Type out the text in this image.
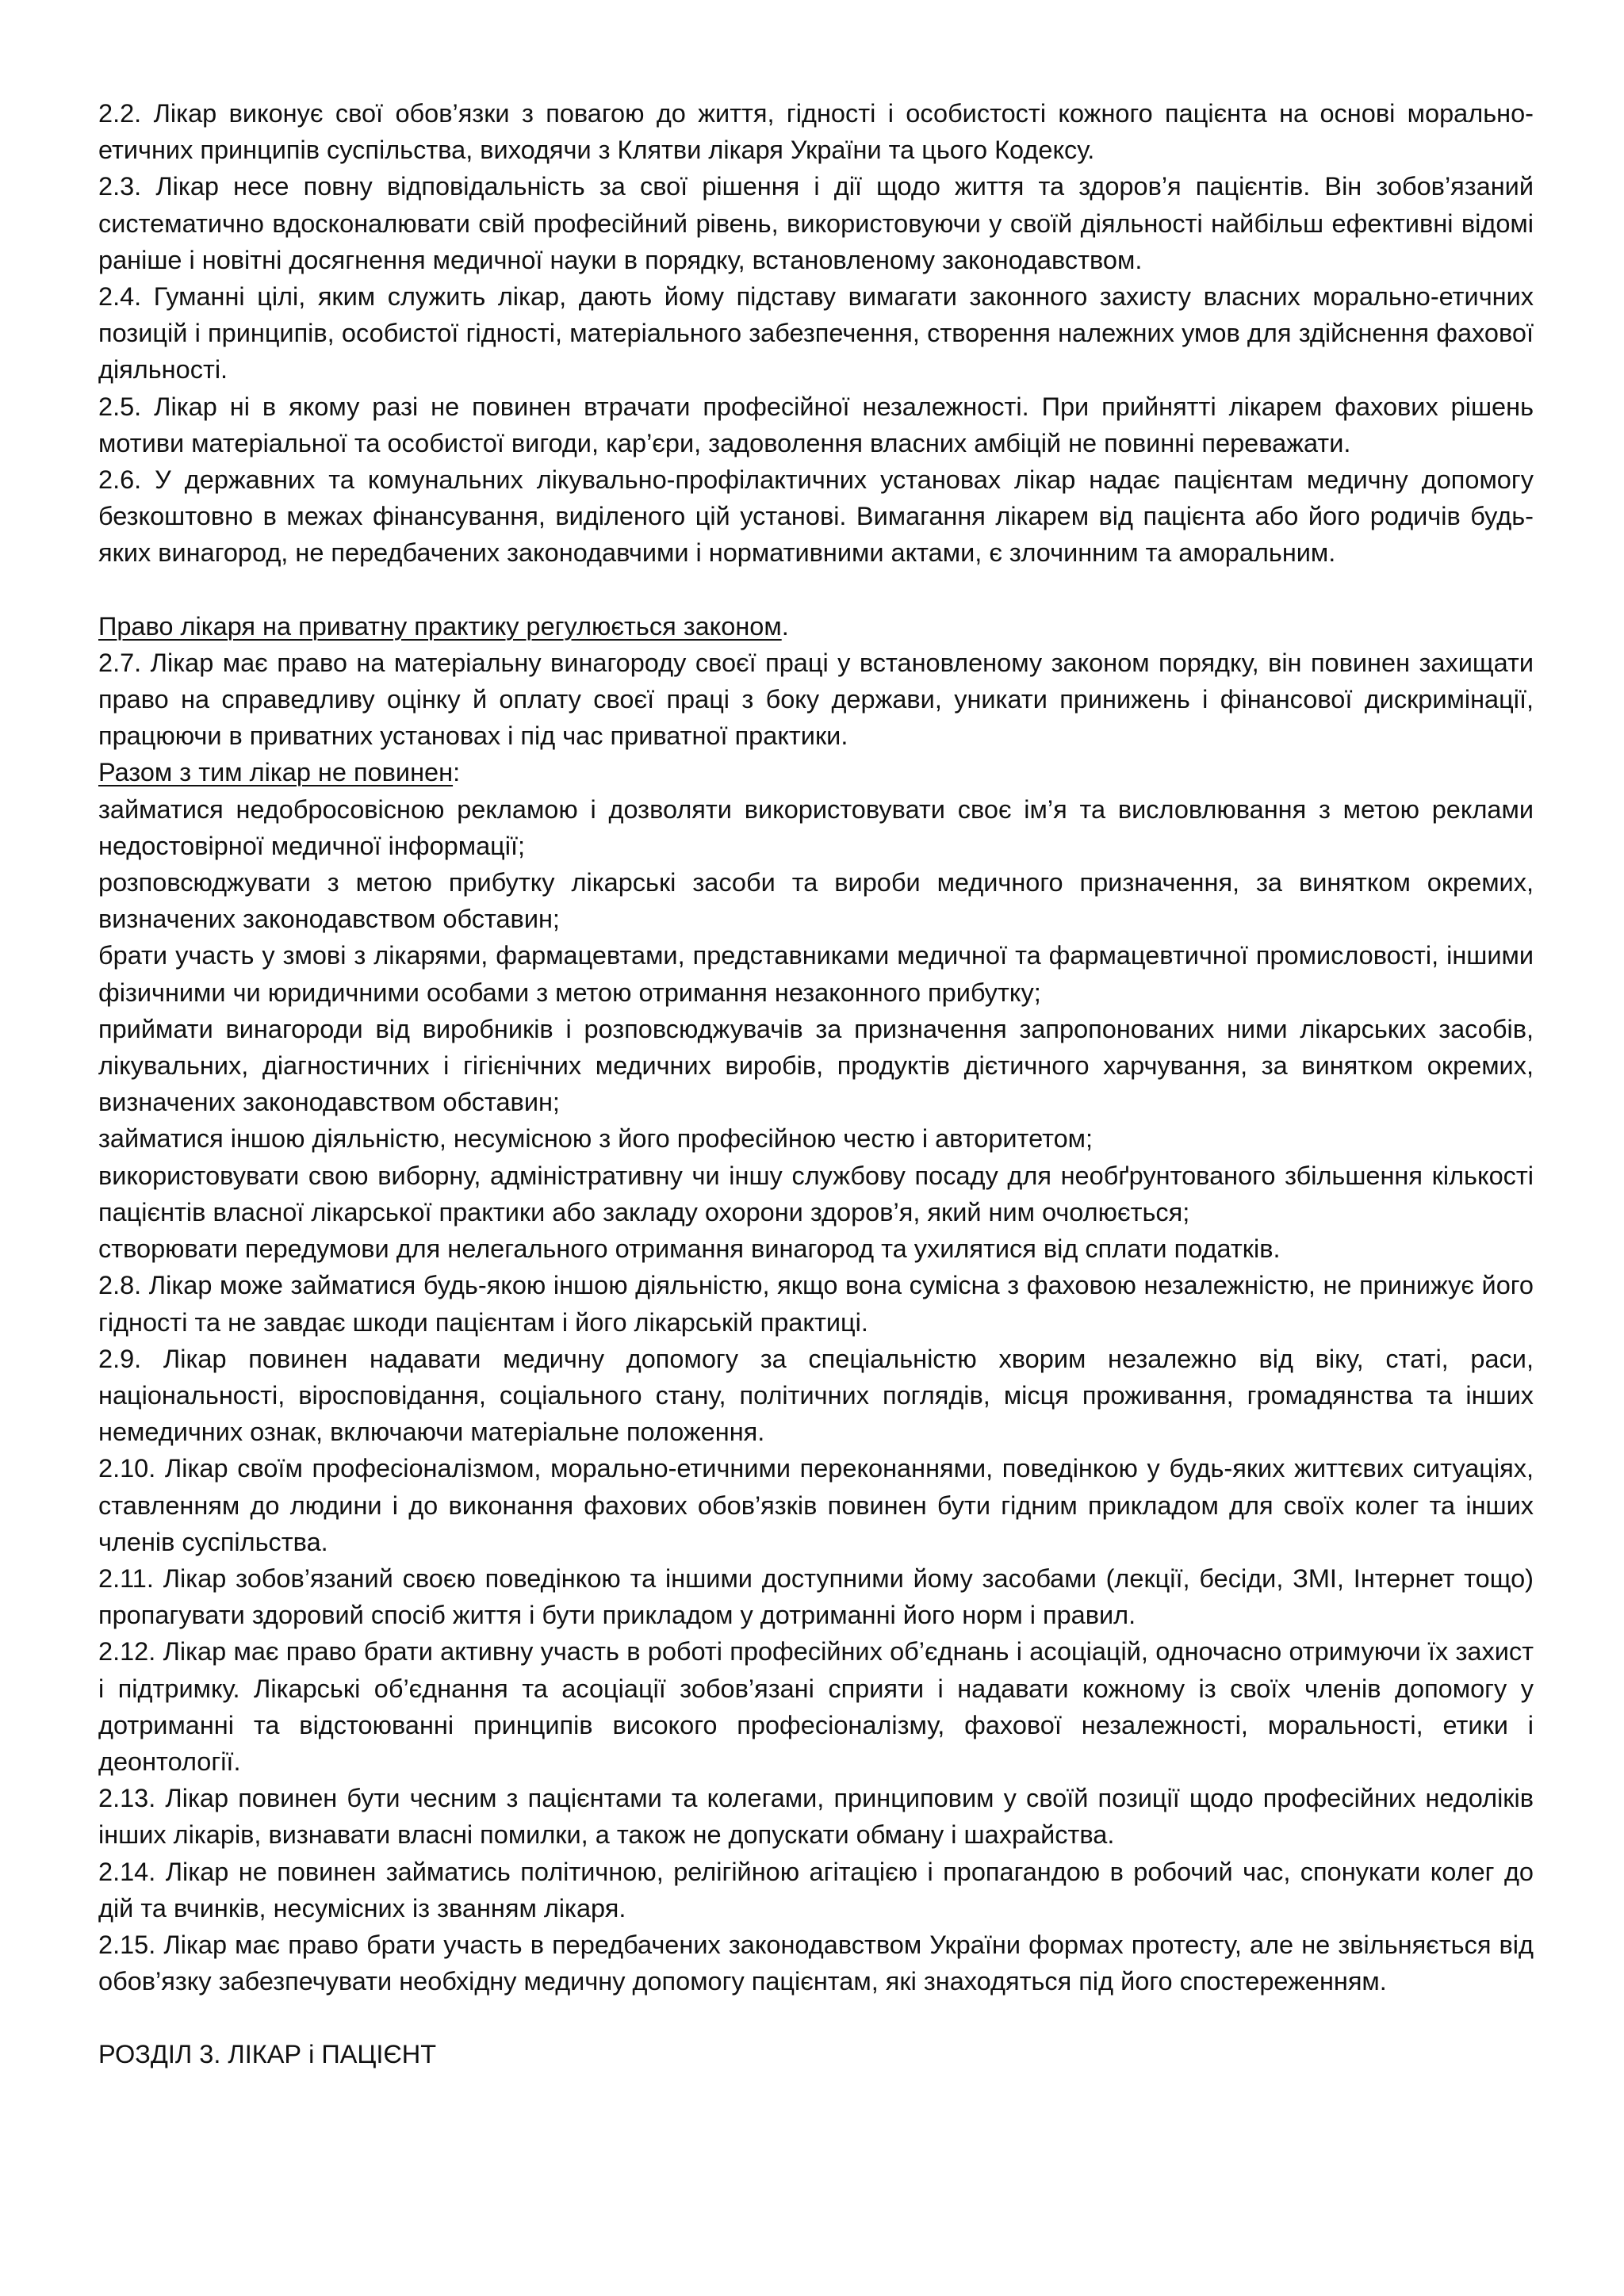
2.2. Лікар виконує свої обов’язки з повагою до життя, гідності і особистості кожного пацієнта на основі морально-етичних принципів суспільства, виходячи з Клятви лікаря України та цього Кодексу.

2.3. Лікар несе повну відповідальність за свої рішення і дії щодо життя та здоров’я пацієнтів. Він зобов’язаний систематично вдосконалювати свій професійний рівень, використовуючи у своїй діяльності найбільш ефективні відомі раніше і новітні досягнення медичної науки в порядку, встановленому законодавством.

2.4. Гуманні цілі, яким служить лікар, дають йому підставу вимагати законного захисту власних морально-етичних позицій і принципів, особистої гідності, матеріального забезпечення, створення належних умов для здійснення фахової діяльності.

2.5. Лікар ні в якому разі не повинен втрачати професійної незалежності. При прийнятті лікарем фахових рішень мотиви матеріальної та особистої вигоди, кар’єри, задоволення власних амбіцій не повинні переважати.

2.6. У державних та комунальних лікувально-профілактичних установах лікар надає пацієнтам медичну допомогу безкоштовно в межах фінансування, виділеного цій установі. Вимагання лікарем від пацієнта або його родичів будь-яких винагород, не передбачених законодавчими і нормативними актами, є злочинним та аморальним.

Право лікаря на приватну практику регулюється законом.

2.7. Лікар має право на матеріальну винагороду своєї праці у встановленому законом порядку, він повинен захищати право на справедливу оцінку й оплату своєї праці з боку держави, уникати принижень і фінансової дискримінації, працюючи в приватних установах і під час приватної практики.

Разом з тим лікар не повинен:

займатися недобросовісною рекламою і дозволяти використовувати своє ім’я та висловлювання з метою реклами недостовірної медичної інформації;

розповсюджувати з метою прибутку лікарські засоби та вироби медичного призначення, за винятком окремих, визначених законодавством обставин;

брати участь у змові з лікарями, фармацевтами, представниками медичної та фармацевтичної промисловості, іншими фізичними чи юридичними особами з метою отримання незаконного прибутку;

приймати винагороди від виробників і розповсюджувачів за призначення запропонованих ними лікарських засобів, лікувальних, діагностичних і гігієнічних медичних виробів, продуктів дієтичного харчування, за винятком окремих, визначених законодавством обставин;

займатися іншою діяльністю, несумісною з його професійною честю і авторитетом;

використовувати свою виборну, адміністративну чи іншу службову посаду для необґрунтованого збільшення кількості пацієнтів власної лікарської практики або закладу охорони здоров’я, який ним очолюється;

створювати передумови для нелегального отримання винагород та ухилятися від сплати податків.

2.8. Лікар може займатися будь-якою іншою діяльністю, якщо вона сумісна з фаховою незалежністю, не принижує його гідності та не завдає шкоди пацієнтам і його лікарській практиці.

2.9. Лікар повинен надавати медичну допомогу за спеціальністю хворим незалежно від віку, статі, раси, національності, віросповідання, соціального стану, політичних поглядів, місця проживання, громадянства та інших немедичних ознак, включаючи матеріальне положення.

2.10. Лікар своїм професіоналізмом, морально-етичними переконаннями, поведінкою у будь-яких життєвих ситуаціях, ставленням до людини і до виконання фахових обов’язків повинен бути гідним прикладом для своїх колег та інших членів суспільства.

2.11. Лікар зобов’язаний своєю поведінкою та іншими доступними йому засобами (лекції, бесіди, ЗМІ, Інтернет тощо) пропагувати здоровий спосіб життя і бути прикладом у дотриманні його норм і правил.

2.12. Лікар має право брати активну участь в роботі професійних об’єднань і асоціацій, одночасно отримуючи їх захист і підтримку. Лікарські об’єднання та асоціації зобов’язані сприяти і надавати кожному із своїх членів допомогу у дотриманні та відстоюванні принципів високого професіоналізму, фахової незалежності, моральності, етики і деонтології.

2.13. Лікар повинен бути чесним з пацієнтами та колегами, принциповим у своїй позиції щодо професійних недоліків інших лікарів, визнавати власні помилки, а також не допускати обману і шахрайства.

2.14. Лікар не повинен займатись політичною, релігійною агітацією і пропагандою в робочий час, спонукати колег до дій та вчинків, несумісних із званням лікаря.

2.15. Лікар має право брати участь в передбачених законодавством України формах протесту, але не звільняється від обов’язку забезпечувати необхідну медичну допомогу пацієнтам, які знаходяться під його спостереженням.

РОЗДІЛ 3. ЛІКАР і ПАЦІЄНТ
